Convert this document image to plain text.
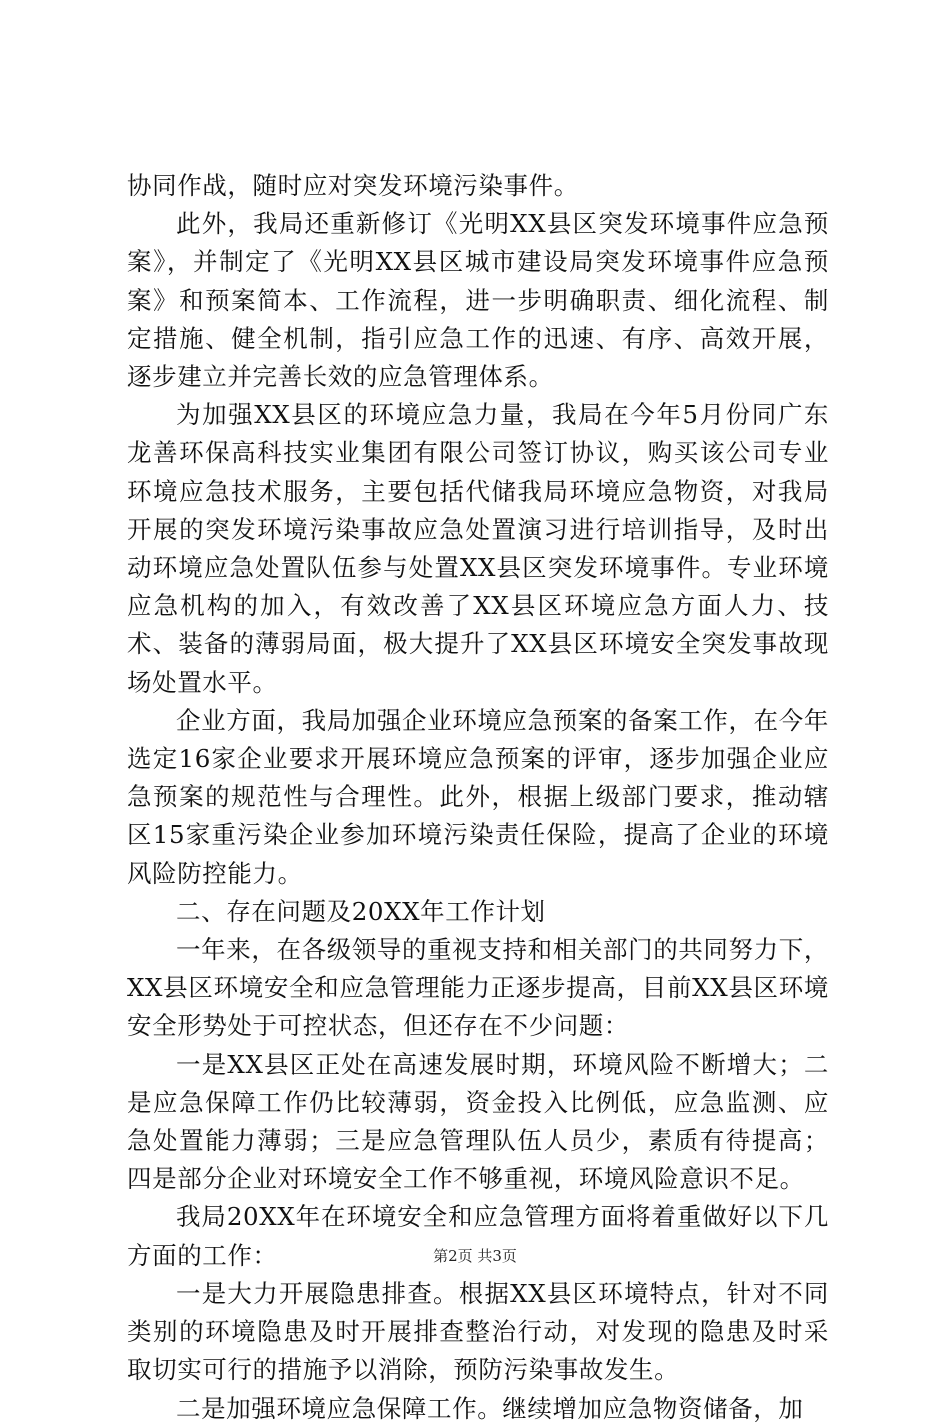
协同作战，随时应对突发环境污染事件。

此外，我局还重新修订《光明XX县区突发环境事件应急预案》，并制定了《光明XX县区城市建设局突发环境事件应急预案》和预案简本、工作流程，进一步明确职责、细化流程、制定措施、健全机制，指引应急工作的迅速、有序、高效开展，逐步建立并完善长效的应急管理体系。

为加强XX县区的环境应急力量，我局在今年5月份同广东龙善环保高科技实业集团有限公司签订协议，购买该公司专业环境应急技术服务，主要包括代储我局环境应急物资，对我局开展的突发环境污染事故应急处置演习进行培训指导，及时出动环境应急处置队伍参与处置XX县区突发环境事件。专业环境应急机构的加入，有效改善了XX县区环境应急方面人力、技术、装备的薄弱局面，极大提升了XX县区环境安全突发事故现场处置水平。

企业方面，我局加强企业环境应急预案的备案工作，在今年选定16家企业要求开展环境应急预案的评审，逐步加强企业应急预案的规范性与合理性。此外，根据上级部门要求，推动辖区15家重污染企业参加环境污染责任保险，提高了企业的环境风险防控能力。

二、存在问题及20XX年工作计划

一年来，在各级领导的重视支持和相关部门的共同努力下，XX县区环境安全和应急管理能力正逐步提高，目前XX县区环境安全形势处于可控状态，但还存在不少问题：

一是XX县区正处在高速发展时期，环境风险不断增大；二是应急保障工作仍比较薄弱，资金投入比例低，应急监测、应急处置能力薄弱；三是应急管理队伍人员少，素质有待提高；四是部分企业对环境安全工作不够重视，环境风险意识不足。

我局20XX年在环境安全和应急管理方面将着重做好以下几方面的工作：

一是大力开展隐患排查。根据XX县区环境特点，针对不同类别的环境隐患及时开展排查整治行动，对发现的隐患及时采取切实可行的措施予以消除，预防污染事故发生。

二是加强环境应急保障工作。继续增加应急物资储备，加

第2页 共3页
